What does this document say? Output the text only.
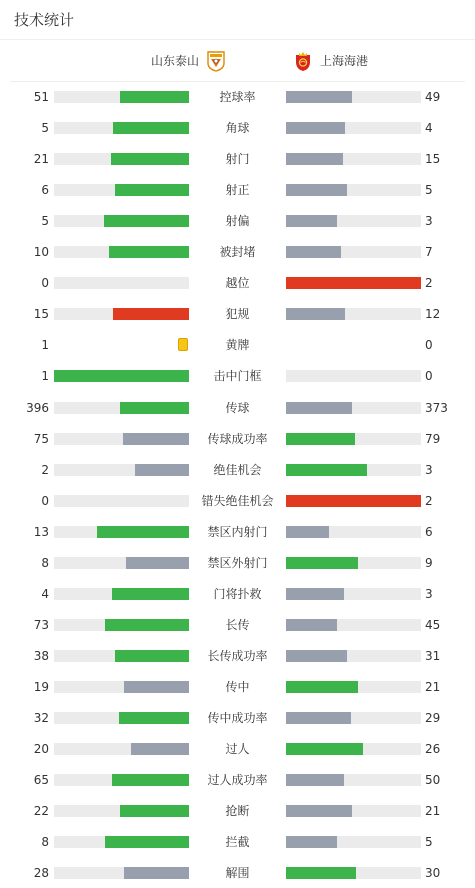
技术统计
山东泰山	上海海港
51	控球率	49
5	角球	4
21	射门	15
6	射正	5
5	射偏	3
10	被封堵	7
0	越位	2
15	犯规	12
1	黄牌	0
1	击中门框	0
396	传球	373
75	传球成功率	79
2	绝佳机会	3
0	错失绝佳机会	2
13	禁区内射门	6
8	禁区外射门	9
4	门将扑救	3
73	长传	45
38	长传成功率	31
19	传中	21
32	传中成功率	29
20	过人	26
65	过人成功率	50
22	抢断	21
8	拦截	5
28	解围	30
